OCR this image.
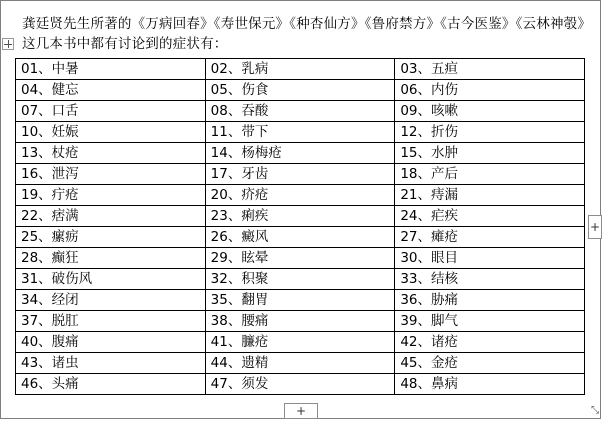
龚廷贤先生所著的《万病回春》《寿世保元》《种杏仙方》《鲁府禁方》《古今医鉴》《云林神彀》这几本书中都有讨论到的症状有：
01、中暑	02、乳病	03、五疸
04、健忘	05、伤食	06、内伤
07、口舌	08、吞酸	09、咳嗽
10、妊娠	11、带下	12、折伤
13、杖疮	14、杨梅疮	15、水肿
16、泄泻	17、牙齿	18、产后
19、疔疮	20、疥疮	21、痔漏
22、痞满	23、痢疾	24、疟疾
25、瘰疬	26、癜风	27、瘫疮
28、癫狂	29、眩晕	30、眼目
31、破伤风	32、积聚	33、结核
34、经闭	35、翻胃	36、胁痛
37、脱肛	38、腰痛	39、脚气
40、腹痛	41、臁疮	42、诸疮
43、诸虫	44、遗精	45、金疮
46、头痛	47、须发	48、鼻病
+
+	⤡
